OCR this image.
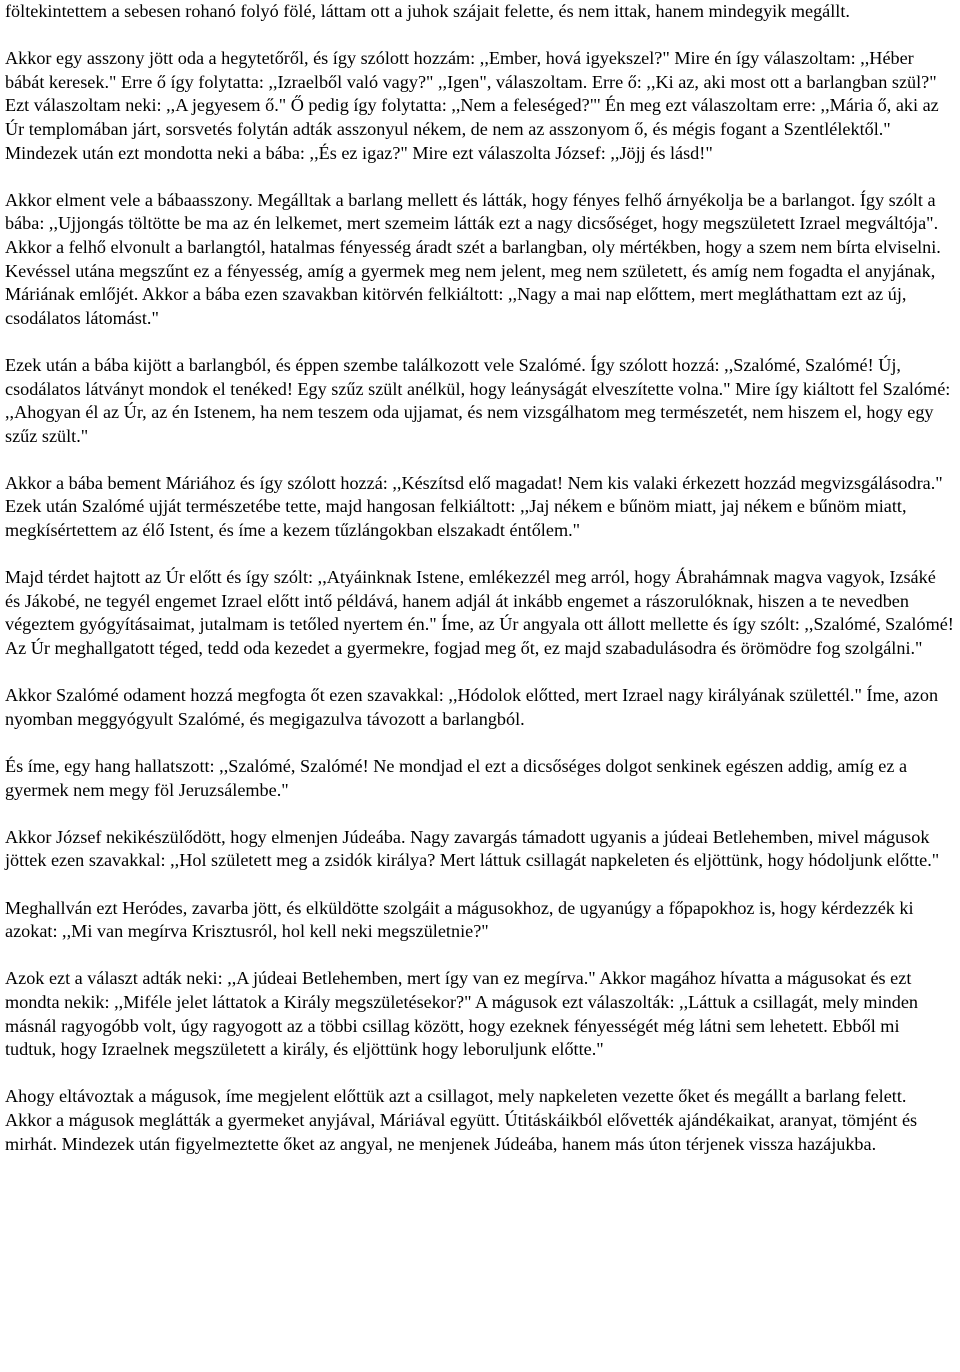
föltekintettem a sebesen rohanó folyó fölé, láttam ott a juhok szájait felette, és nem ittak, hanem mindegyik megállt.

Akkor egy asszony jött oda a hegytetőről, és így szólott hozzám: ,,Ember, hová igyekszel?" Mire én így válaszoltam: ,,Héber bábát keresek." Erre ő így folytatta: ,,Izraelből való vagy?" ,,Igen", válaszoltam. Erre ő: ,,Ki az, aki most ott a barlangban szül?" Ezt válaszoltam neki: ,,A jegyesem ő." Ő pedig így folytatta: ,,Nem a feleséged?"' Én meg ezt válaszoltam erre: ,,Mária ő, aki az Úr templomában járt, sorsvetés folytán adták asszonyul nékem, de nem az asszonyom ő, és mégis fogant a Szentlélektől." Mindezek után ezt mondotta neki a bába: ,,És ez igaz?" Mire ezt válaszolta József: ,,Jöjj és lásd!"

Akkor elment vele a bábaasszony. Megálltak a barlang mellett és látták, hogy fényes felhő árnyékolja be a barlangot. Így szólt a bába: ,,Ujjongás töltötte be ma az én lelkemet, mert szemeim látták ezt a nagy dicsőséget, hogy megszületett Izrael megváltója". Akkor a felhő elvonult a barlangtól, hatalmas fényesség áradt szét a barlangban, oly mértékben, hogy a szem nem bírta elviselni. Kevéssel utána megszűnt ez a fényesség, amíg a gyermek meg nem jelent, meg nem született, és amíg nem fogadta el anyjának, Máriának emlőjét. Akkor a bába ezen szavakban kitörvén felkiáltott: ,,Nagy a mai nap előttem, mert megláthattam ezt az új, csodálatos látomást."

Ezek után a bába kijött a barlangból, és éppen szembe találkozott vele Szalómé. Így szólott hozzá: ,,Szalómé, Szalómé! Új, csodálatos látványt mondok el tenéked! Egy szűz szült anélkül, hogy leányságát elveszítette volna." Mire így kiáltott fel Szalómé: ,,Ahogyan él az Úr, az én Istenem, ha nem teszem oda ujjamat, és nem vizsgálhatom meg természetét, nem hiszem el, hogy egy szűz szült."

Akkor a bába bement Máriához és így szólott hozzá: ,,Készítsd elő magadat! Nem kis valaki érkezett hozzád megvizsgálásodra." Ezek után Szalómé ujját természetébe tette, majd hangosan felkiáltott: ,,Jaj nékem e bűnöm miatt, jaj nékem e bűnöm miatt, megkísértettem az élő Istent, és íme a kezem tűzlángokban elszakadt éntőlem."

Majd térdet hajtott az Úr előtt és így szólt: ,,Atyáinknak Istene, emlékezzél meg arról, hogy Ábrahámnak magva vagyok, Izsáké és Jákobé, ne tegyél engemet Izrael előtt intő példává, hanem adjál át inkább engemet a rászorulóknak, hiszen a te nevedben végeztem gyógyításaimat, jutalmam is tetőled nyertem én." Íme, az Úr angyala ott állott mellette és így szólt: ,,Szalómé, Szalómé! Az Úr meghallgatott téged, tedd oda kezedet a gyermekre, fogjad meg őt, ez majd szabadulásodra és örömödre fog szolgálni."

Akkor Szalómé odament hozzá megfogta őt ezen szavakkal: ,,Hódolok előtted, mert Izrael nagy királyának születtél." Íme, azon nyomban meggyógyult Szalómé, és megigazulva távozott a barlangból.

És íme, egy hang hallatszott: ,,Szalómé, Szalómé! Ne mondjad el ezt a dicsőséges dolgot senkinek egészen addig, amíg ez a gyermek nem megy föl Jeruzsálembe."

Akkor József nekikészülődött, hogy elmenjen Júdeába. Nagy zavargás támadott ugyanis a júdeai Betlehemben, mivel mágusok jöttek ezen szavakkal: ,,Hol született meg a zsidók királya? Mert láttuk csillagát napkeleten és eljöttünk, hogy hódoljunk előtte."

Meghallván ezt Heródes, zavarba jött, és elküldötte szolgáit a mágusokhoz, de ugyanúgy a főpapokhoz is, hogy kérdezzék ki azokat: ,,Mi van megírva Krisztusról, hol kell neki megszületnie?"

Azok ezt a választ adták neki: ,,A júdeai Betlehemben, mert így van ez megírva." Akkor magához hívatta a mágusokat és ezt mondta nekik: ,,Miféle jelet láttatok a Király megszületésekor?" A mágusok ezt válaszolták: ,,Láttuk a csillagát, mely minden másnál ragyogóbb volt, úgy ragyogott az a többi csillag között, hogy ezeknek fényességét még látni sem lehetett. Ebből mi tudtuk, hogy Izraelnek megszületett a király, és eljöttünk hogy leboruljunk előtte."

Ahogy eltávoztak a mágusok, íme megjelent előttük azt a csillagot, mely napkeleten vezette őket és megállt a barlang felett. Akkor a mágusok meglátták a gyermeket anyjával, Máriával együtt. Útitáskáikból elővették ajándékaikat, aranyat, tömjént és mirhát. Mindezek után figyelmeztette őket az angyal, ne menjenek Júdeába, hanem más úton térjenek vissza hazájukba.
